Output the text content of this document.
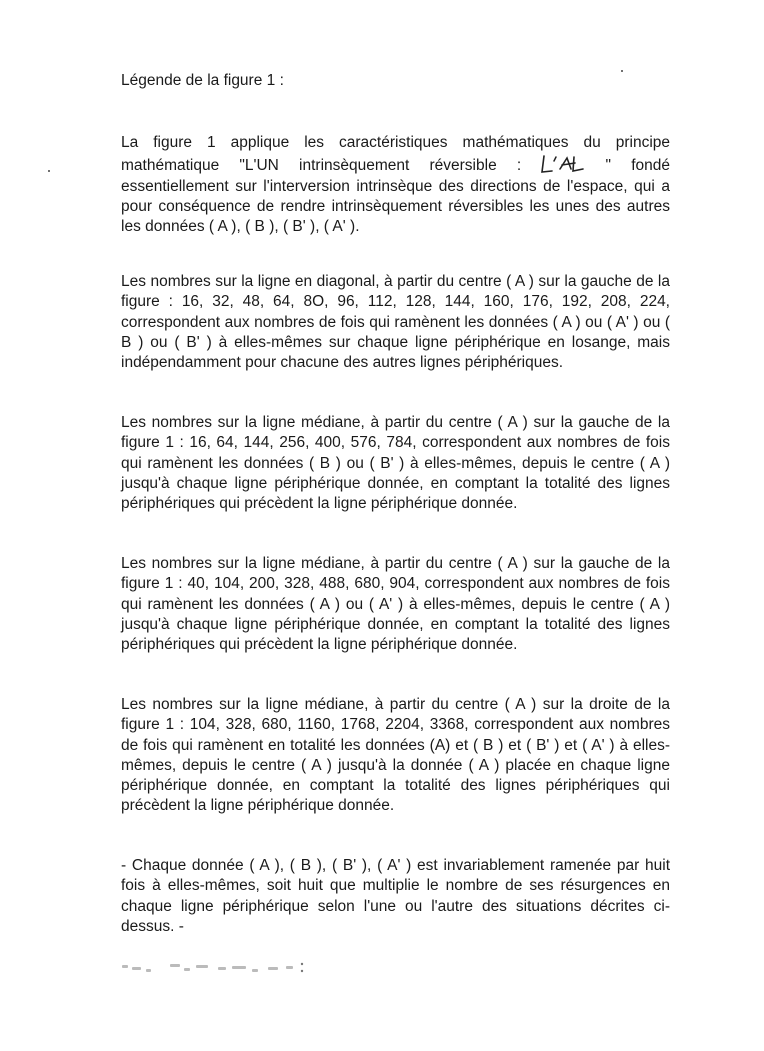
Légende de la figure 1 :

La figure 1 applique les caractéristiques mathématiques du principe mathématique "L'UN intrinsèquement réversible :	" fondé essentiellement sur l'interversion intrinsèque des directions de l'espace, qui a pour conséquence de rendre intrinsèquement réversibles les unes des autres les données ( A ), ( B ), ( B' ), ( A' ).

Les nombres sur la ligne en diagonal, à partir du centre ( A ) sur la gauche de la figure : 16, 32, 48, 64, 8O, 96, 112, 128, 144, 160, 176, 192, 208, 224, correspondent aux nombres de fois qui ramènent les données ( A ) ou ( A' ) ou ( B ) ou ( B' ) à elles-mêmes sur chaque ligne périphérique en losange, mais indépendamment pour chacune des autres lignes périphériques.

Les nombres sur la ligne médiane, à partir du centre ( A ) sur la gauche de la figure 1 : 16, 64, 144, 256, 400, 576, 784, correspondent aux nombres de fois qui ramènent les données ( B ) ou ( B' ) à elles-mêmes, depuis le centre ( A ) jusqu'à chaque ligne périphérique donnée, en comptant la totalité des lignes périphériques qui précèdent la ligne périphérique donnée.

Les nombres sur la ligne médiane, à partir du centre ( A ) sur la gauche de la figure 1 : 40, 104, 200, 328, 488, 680, 904, correspondent aux nombres de fois qui ramènent les données ( A ) ou ( A' ) à elles-mêmes, depuis le centre ( A ) jusqu'à chaque ligne périphérique donnée, en comptant la totalité des lignes périphériques qui précèdent la ligne périphérique donnée.

Les nombres sur la ligne médiane, à partir du centre ( A ) sur la droite de la figure 1 : 104, 328, 680, 1160, 1768, 2204, 3368, correspondent aux nombres de fois qui ramènent en totalité les données (A) et ( B ) et ( B' ) et ( A' ) à elles- mêmes, depuis le centre ( A ) jusqu'à la donnée ( A ) placée en chaque ligne périphérique donnée, en comptant la totalité des lignes périphériques qui précèdent la ligne périphérique donnée.

- Chaque donnée ( A ), ( B ), ( B' ), ( A' ) est invariablement ramenée par huit fois à elles-mêmes, soit huit que multiplie le nombre de ses résurgences en chaque ligne périphérique selon l'une ou l'autre des situations décrites ci-dessus. -
